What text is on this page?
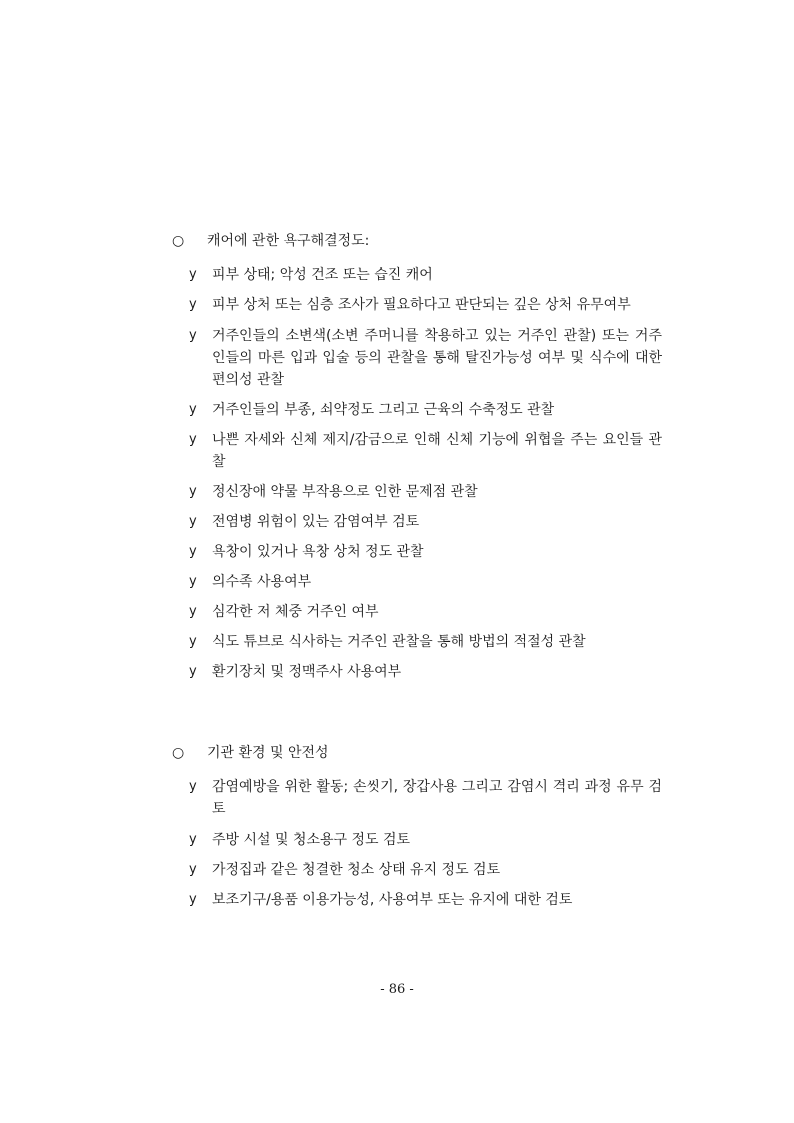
○ 캐어에 관한 욕구해결정도:
y 피부 상태; 악성 건조 또는 습진 캐어
y 피부 상처 또는 심층 조사가 필요하다고 판단되는 깊은 상처 유무여부
y 거주인들의 소변색(소변 주머니를 착용하고 있는 거주인 관찰) 또는 거주인들의 마른 입과 입술 등의 관찰을 통해 탈진가능성 여부 및 식수에 대한 편의성 관찰
y 거주인들의 부종, 쇠약정도 그리고 근육의 수축정도 관찰
y 나쁜 자세와 신체 제지/감금으로 인해 신체 기능에 위협을 주는 요인들 관찰
y 정신장애 약물 부작용으로 인한 문제점 관찰
y 전염병 위험이 있는 감염여부 검토
y 욕창이 있거나 욕창 상처 정도 관찰
y 의수족 사용여부
y 심각한 저 체중 거주인 여부
y 식도 튜브로 식사하는 거주인 관찰을 통해 방법의 적절성 관찰
y 환기장치 및 정맥주사 사용여부
○ 기관 환경 및 안전성
y 감염예방을 위한 활동; 손씻기, 장갑사용 그리고 감염시 격리 과정 유무 검토
y 주방 시설 및 청소용구 정도 검토
y 가정집과 같은 청결한 청소 상태 유지 정도 검토
y 보조기구/용품 이용가능성, 사용여부 또는 유지에 대한 검토
- 86 -
